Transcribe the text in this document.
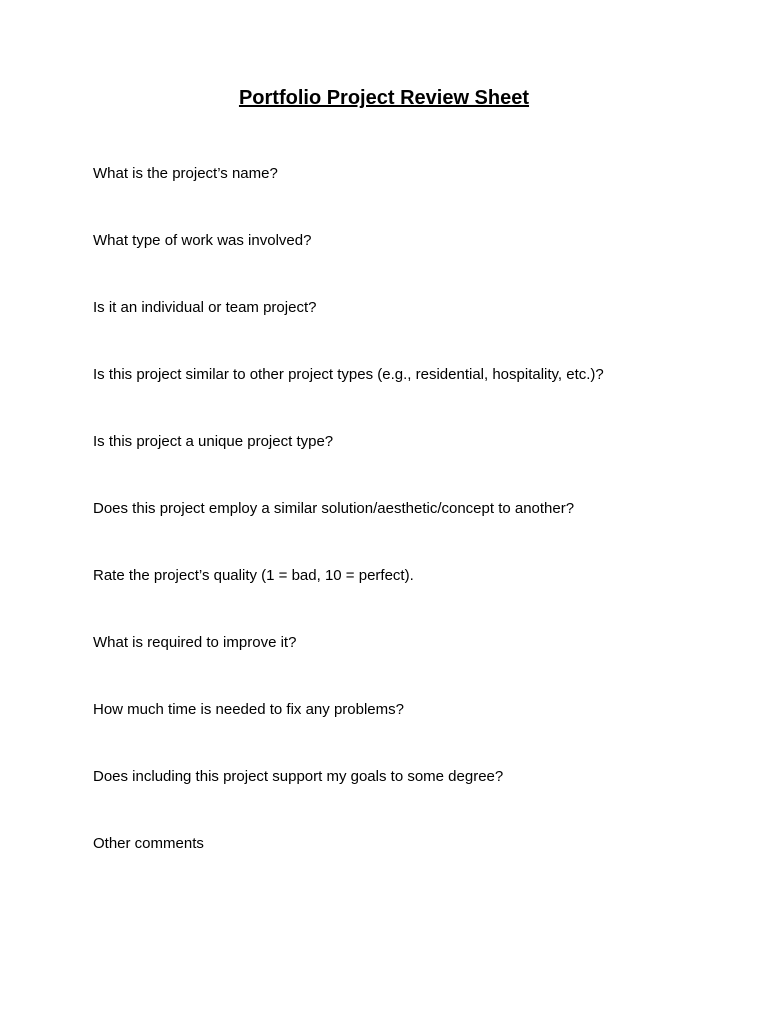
Portfolio Project Review Sheet
What is the project’s name?
What type of work was involved?
Is it an individual or team project?
Is this project similar to other project types (e.g., residential, hospitality, etc.)?
Is this project a unique project type?
Does this project employ a similar solution/aesthetic/concept to another?
Rate the project’s quality (1 = bad, 10 = perfect).
What is required to improve it?
How much time is needed to fix any problems?
Does including this project support my goals to some degree?
Other comments
